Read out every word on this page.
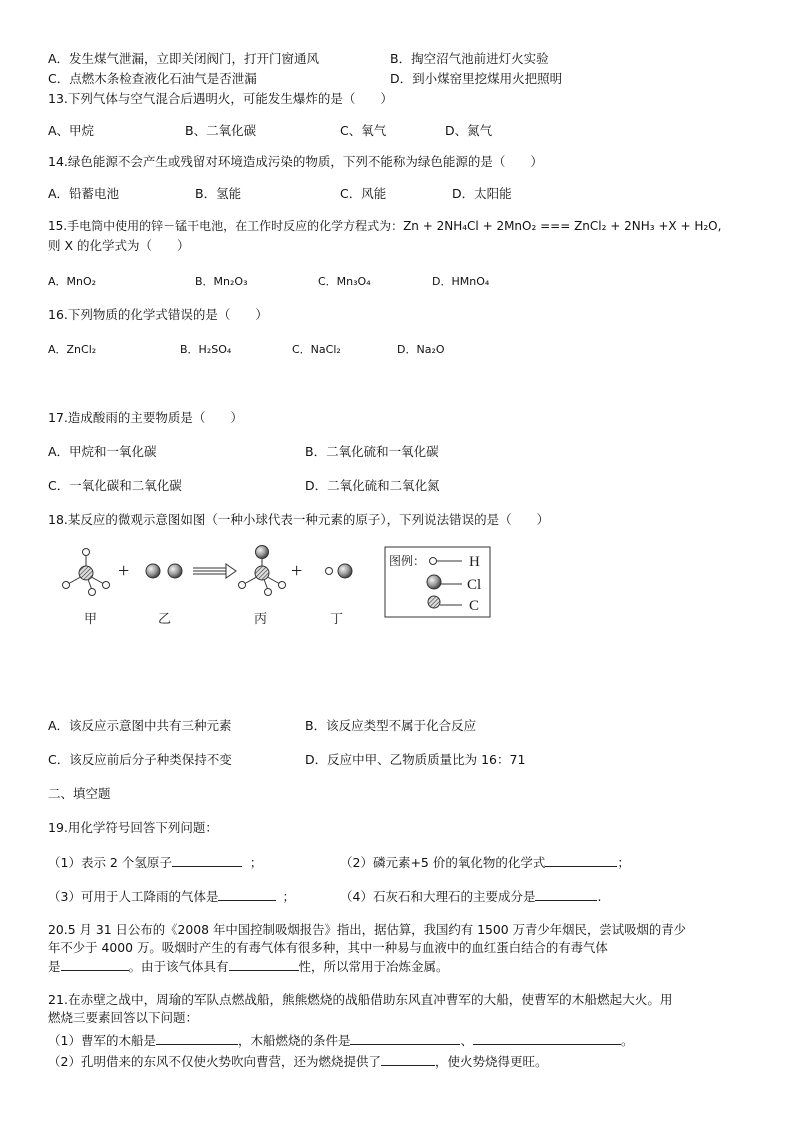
A．发生煤气泄漏，立即关闭阀门，打开门窗通风	B．掏空沼气池前进灯火实验
C．点燃木条检查液化石油气是否泄漏	D．到小煤窑里挖煤用火把照明
13.下列气体与空气混合后遇明火，可能发生爆炸的是（　　）
A、甲烷	B、二氧化碳	C、氧气	D、氮气
14.绿色能源不会产生或残留对环境造成污染的物质，下列不能称为绿色能源的是（　　）
A．铅蓄电池	B．氢能	C．风能	D．太阳能
15.手电筒中使用的锌－锰干电池，在工作时反应的化学方程式为：Zn + 2NH₄Cl + 2MnO₂ === ZnCl₂ + 2NH₃ +X + H₂O,
则 X 的化学式为（　　）
A．MnO₂	B．Mn₂O₃	C．Mn₃O₄	D．HMnO₄
16.下列物质的化学式错误的是（　　）
A．ZnCl₂	B．H₂SO₄	C．NaCl₂	D．Na₂O
17.造成酸雨的主要物质是（　　）
A．甲烷和一氧化碳	B．二氧化硫和一氧化碳
C．一氧化碳和二氧化碳	D．二氧化硫和二氧化氮
18.某反应的微观示意图如图（一种小球代表一种元素的原子），下列说法错误的是（　　）
+	+
甲	乙	丙	丁
图例：	H
Cl
C
A．该反应示意图中共有三种元素	B．该反应类型不属于化合反应
C．该反应前后分子种类保持不变	D．反应中甲、乙物质质量比为 16：71
二、填空题
19.用化学符号回答下列问题：
（1）表示 2 个氢原子	；	（2）磷元素+5 价的氧化物的化学式	；
（3）可用于人工降雨的气体是	；	（4）石灰石和大理石的主要成分是	.
20.5 月 31 日公布的《2008 年中国控制吸烟报告》指出，据估算，我国约有 1500 万青少年烟民，尝试吸烟的青少
年不少于 4000 万。吸烟时产生的有毒气体有很多种，其中一种易与血液中的血红蛋白结合的有毒气体
是	。由于该气体具有	性，所以常用于冶炼金属。
21.在赤壁之战中，周瑜的军队点燃战船，熊熊燃烧的战船借助东风直冲曹军的大船，使曹军的木船燃起大火。用
燃烧三要素回答以下问题：
（1）曹军的木船是	，木船燃烧的条件是	、	。
（2）孔明借来的东风不仅使火势吹向曹营，还为燃烧提供了	，使火势烧得更旺。
